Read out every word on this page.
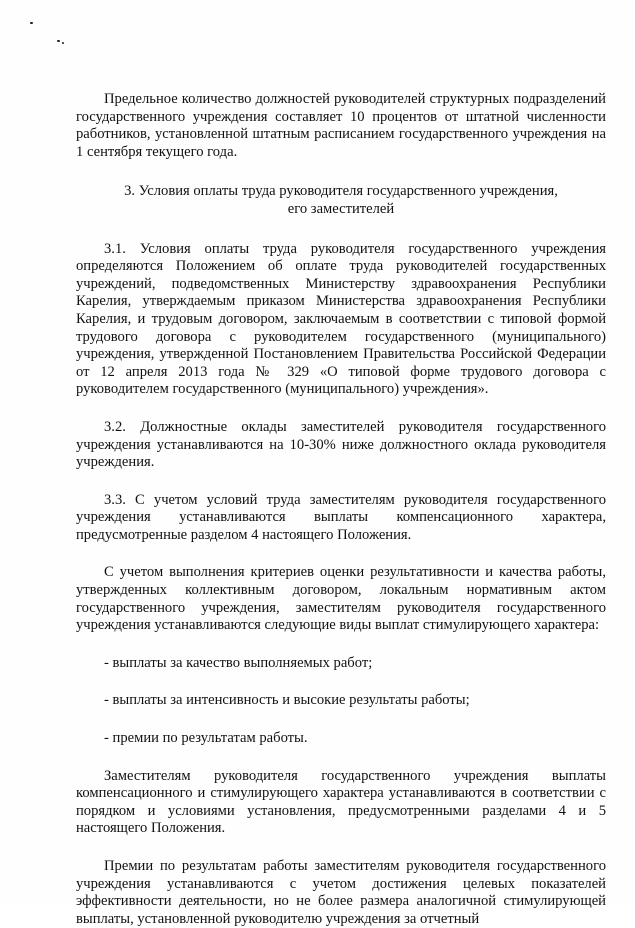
Предельное количество должностей руководителей структурных подразделений государственного учреждения составляет 10 процентов от штатной численности работников, установленной штатным расписанием государственного учреждения на 1 сентября текущего года.

3. Условия оплаты труда руководителя государственного учреждения,

его заместителей

3.1. Условия оплаты труда руководителя государственного учреждения определяются Положением об оплате труда руководителей государственных учреждений, подведомственных Министерству здравоохранения Республики Карелия, утверждаемым приказом Министерства здравоохранения Республики Карелия, и трудовым договором, заключаемым в соответствии с типовой формой трудового договора с руководителем государственного (муниципального) учреждения, утвержденной Постановлением Правительства Российской Федерации от 12 апреля 2013 года № 329 «О типовой форме трудового договора с руководителем государственного (муниципального) учреждения».

3.2. Должностные оклады заместителей руководителя государственного учреждения устанавливаются на 10-30% ниже должностного оклада руководителя учреждения.

3.3. С учетом условий труда заместителям руководителя государственного учреждения устанавливаются выплаты компенсационного характера, предусмотренные разделом 4 настоящего Положения.

С учетом выполнения критериев оценки результативности и качества работы, утвержденных коллективным договором, локальным нормативным актом государственного учреждения, заместителям руководителя государственного учреждения устанавливаются следующие виды выплат стимулирующего характера:

- выплаты за качество выполняемых работ;

- выплаты за интенсивность и высокие результаты работы;

- премии по результатам работы.

Заместителям руководителя государственного учреждения выплаты компенсационного и стимулирующего характера устанавливаются в соответствии с порядком и условиями установления, предусмотренными разделами 4 и 5 настоящего Положения.

Премии по результатам работы заместителям руководителя государственного учреждения устанавливаются с учетом достижения целевых показателей эффективности деятельности, но не более размера аналогичной стимулирующей выплаты, установленной руководителю учреждения за отчетный
